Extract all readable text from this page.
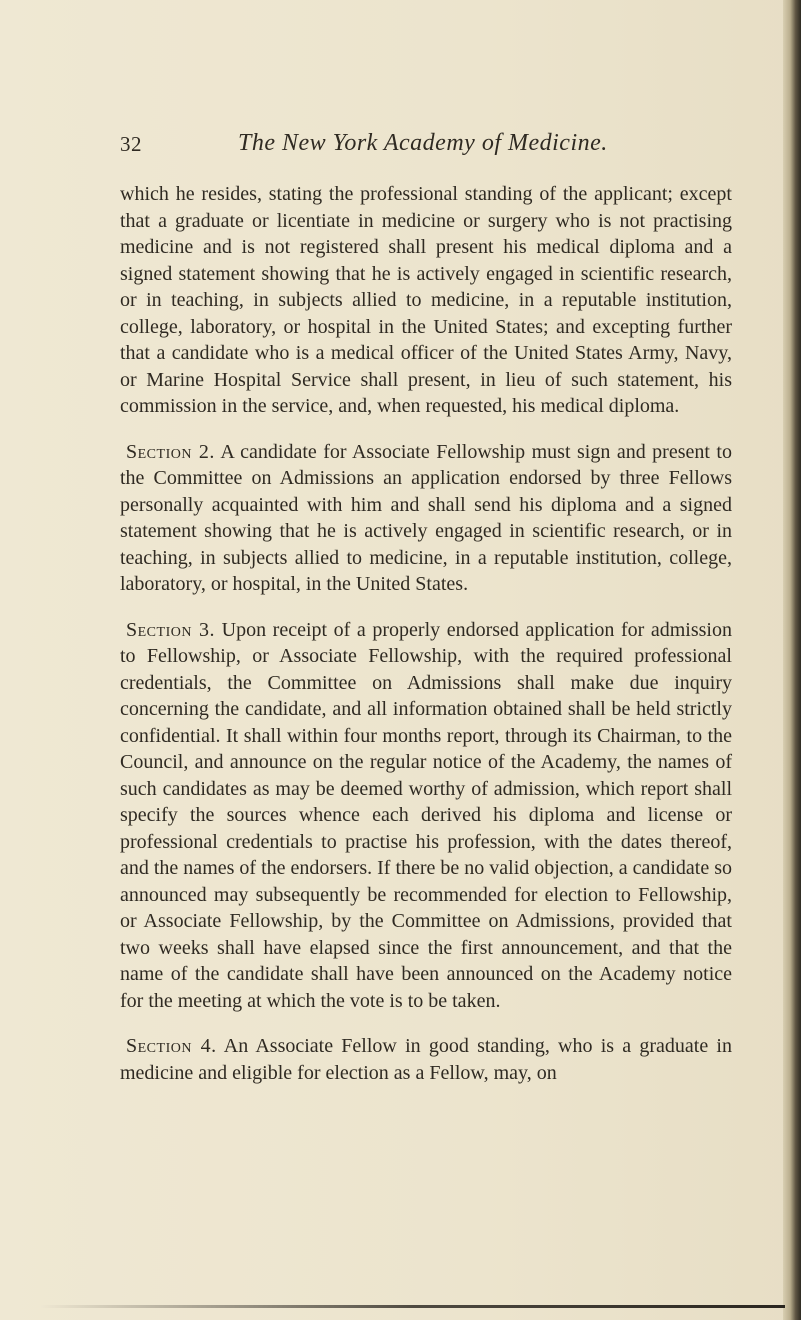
32	The New York Academy of Medicine.

which he resides, stating the professional standing of the applicant; except that a graduate or licentiate in medicine or surgery who is not practising medicine and is not registered shall present his medical diploma and a signed statement showing that he is actively engaged in scientific research, or in teaching, in subjects allied to medicine, in a reputable institution, college, laboratory, or hospital in the United States; and excepting further that a candidate who is a medical officer of the United States Army, Navy, or Marine Hospital Service shall present, in lieu of such statement, his commission in the service, and, when requested, his medical diploma.

Section 2. A candidate for Associate Fellowship must sign and present to the Committee on Admissions an application endorsed by three Fellows personally acquainted with him and shall send his diploma and a signed statement showing that he is actively engaged in scientific research, or in teaching, in subjects allied to medicine, in a reputable institution, college, laboratory, or hospital, in the United States.

Section 3. Upon receipt of a properly endorsed application for admission to Fellowship, or Associate Fellowship, with the required professional credentials, the Committee on Admissions shall make due inquiry concerning the candidate, and all information obtained shall be held strictly confidential. It shall within four months report, through its Chairman, to the Council, and announce on the regular notice of the Academy, the names of such candidates as may be deemed worthy of admission, which report shall specify the sources whence each derived his diploma and license or professional credentials to practise his profession, with the dates thereof, and the names of the endorsers. If there be no valid objection, a candidate so announced may subsequently be recommended for election to Fellowship, or Associate Fellowship, by the Committee on Admissions, provided that two weeks shall have elapsed since the first announcement, and that the name of the candidate shall have been announced on the Academy notice for the meeting at which the vote is to be taken.

Section 4. An Associate Fellow in good standing, who is a graduate in medicine and eligible for election as a Fellow, may, on
